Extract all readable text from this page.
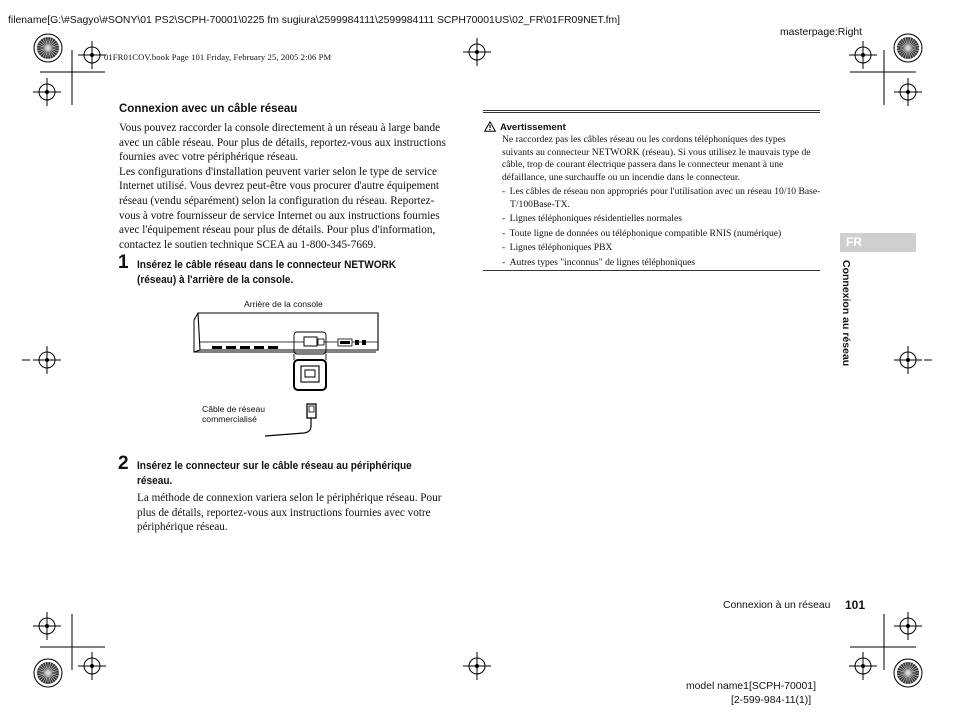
filename[G:\#Sagyo\#SONY\01 PS2\SCPH-70001\0225 fm sugiura\2599984111\2599984111 SCPH70001US\02_FR\01FR09NET.fm]
masterpage:Right
01FR01COV.book Page 101 Friday, February 25, 2005 2:06 PM
Connexion avec un câble réseau
Vous pouvez raccorder la console directement à un réseau à large bande
avec un câble réseau. Pour plus de détails, reportez-vous aux instructions
fournies avec votre périphérique réseau.
Les configurations d'installation peuvent varier selon le type de service
Internet utilisé. Vous devrez peut-être vous procurer d'autre équipement
réseau (vendu séparément) selon la configuration du réseau. Reportez-
vous à votre fournisseur de service Internet ou aux instructions fournies
avec l'équipement réseau pour plus de détails. Pour plus d'information,
contactez le soutien technique SCEA au 1-800-345-7669.
1 Insérez le câble réseau dans le connecteur NETWORK
(réseau) à l'arrière de la console.
Arrière de la console
Câble de réseau
commercialisé
2 Insérez le connecteur sur le câble réseau au périphérique
réseau.
La méthode de connexion variera selon le périphérique réseau. Pour
plus de détails, reportez-vous aux instructions fournies avec votre
périphérique réseau.
Avertissement
Ne raccordez pas les câbles réseau ou les cordons téléphoniques des types
suivants au connecteur NETWORK (réseau). Si vous utilisez le mauvais type de
câble, trop de courant électrique passera dans le connecteur menant à une
défaillance, une surchauffe ou un incendie dans le connecteur.
- Les câbles de réseau non appropriés pour l'utilisation avec un réseau 10/10 Base-T/100Base-TX.
- Lignes téléphoniques résidentielles normales
- Toute ligne de données ou téléphonique compatible RNIS (numérique)
- Lignes téléphoniques PBX
- Autres types "inconnus" de lignes téléphoniques
FR
Connexion au réseau
Connexion à un réseau 101
model name1[SCPH-70001]
[2-599-984-11(1)]
